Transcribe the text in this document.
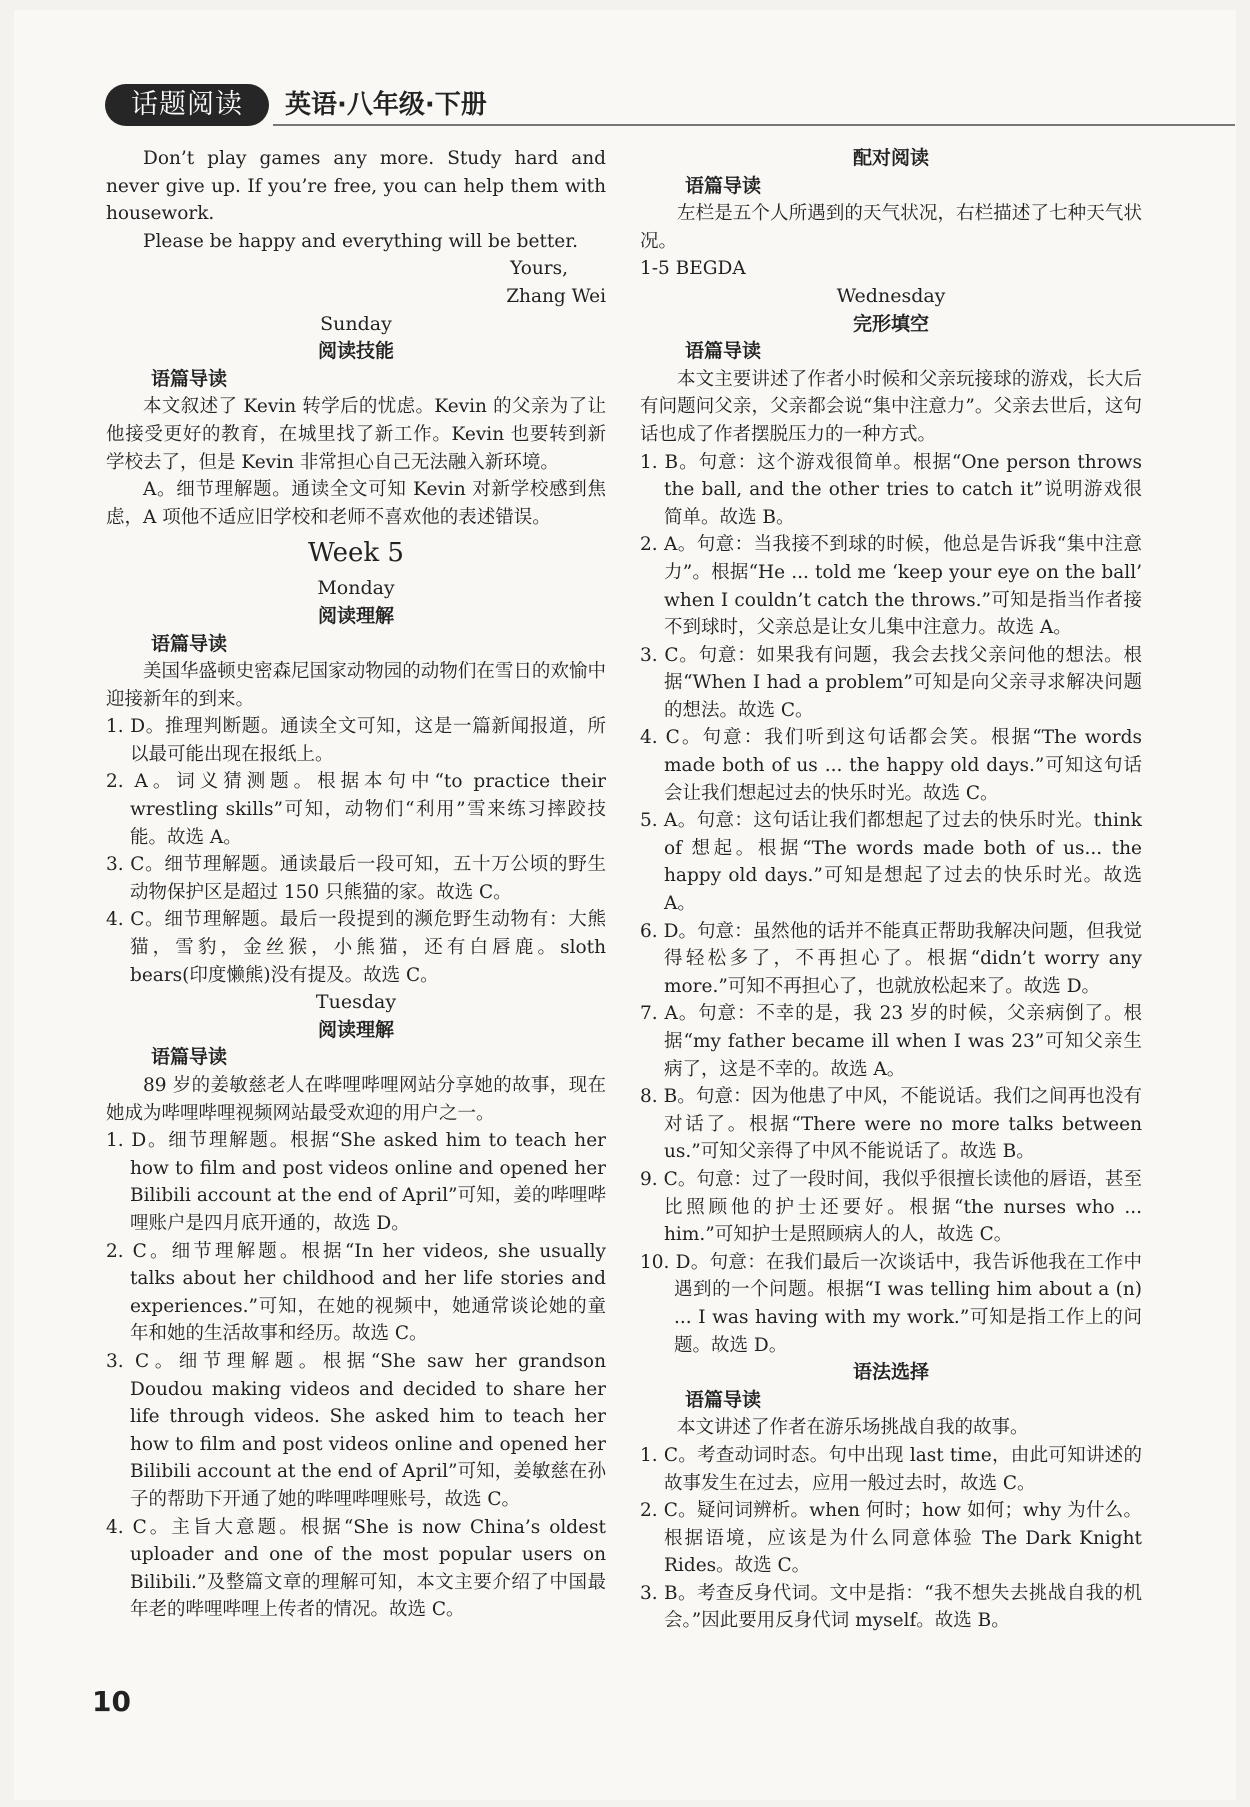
话题阅读	英语·八年级·下册

Don’t play games any more. Study hard and never give up. If you’re free, you can help them with housework.

Please be happy and everything will be better.

Yours,

Zhang Wei

Sunday

阅读技能

语篇导读

本文叙述了 Kevin 转学后的忧虑。Kevin 的父亲为了让他接受更好的教育，在城里找了新工作。Kevin 也要转到新学校去了，但是 Kevin 非常担心自己无法融入新环境。

A。细节理解题。通读全文可知 Kevin 对新学校感到焦虑，A 项他不适应旧学校和老师不喜欢他的表述错误。

Week 5

Monday

阅读理解

语篇导读

美国华盛顿史密森尼国家动物园的动物们在雪日的欢愉中迎接新年的到来。

1. D。推理判断题。通读全文可知，这是一篇新闻报道，所以最可能出现在报纸上。

2. A。词义猜测题。根据本句中“to practice their wrestling skills”可知，动物们“利用”雪来练习摔跤技能。故选 A。

3. C。细节理解题。通读最后一段可知，五十万公顷的野生动物保护区是超过 150 只熊猫的家。故选 C。

4. C。细节理解题。最后一段提到的濒危野生动物有：大熊猫，雪豹，金丝猴，小熊猫，还有白唇鹿。sloth bears(印度懒熊)没有提及。故选 C。

Tuesday

阅读理解

语篇导读

89 岁的姜敏慈老人在哔哩哔哩网站分享她的故事，现在她成为哔哩哔哩视频网站最受欢迎的用户之一。

1. D。细节理解题。根据“She asked him to teach her how to film and post videos online and opened her Bilibili account at the end of April”可知，姜的哔哩哔哩账户是四月底开通的，故选 D。

2. C。细节理解题。根据“In her videos, she usually talks about her childhood and her life stories and experiences.”可知，在她的视频中，她通常谈论她的童年和她的生活故事和经历。故选 C。

3. C。细节理解题。根据“She saw her grandson Doudou making videos and decided to share her life through videos. She asked him to teach her how to film and post videos online and opened her Bilibili account at the end of April”可知，姜敏慈在孙子的帮助下开通了她的哔哩哔哩账号，故选 C。

4. C。主旨大意题。根据“She is now China’s oldest uploader and one of the most popular users on Bilibili.”及整篇文章的理解可知，本文主要介绍了中国最年老的哔哩哔哩上传者的情况。故选 C。

配对阅读

语篇导读

左栏是五个人所遇到的天气状况，右栏描述了七种天气状况。

1-5 BEGDA

Wednesday

完形填空

语篇导读

本文主要讲述了作者小时候和父亲玩接球的游戏，长大后有问题问父亲，父亲都会说“集中注意力”。父亲去世后，这句话也成了作者摆脱压力的一种方式。

1. B。句意：这个游戏很简单。根据“One person throws the ball, and the other tries to catch it”说明游戏很简单。故选 B。

2. A。句意：当我接不到球的时候，他总是告诉我“集中注意力”。根据“He ... told me ‘keep your eye on the ball’ when I couldn’t catch the throws.”可知是指当作者接不到球时，父亲总是让女儿集中注意力。故选 A。

3. C。句意：如果我有问题，我会去找父亲问他的想法。根据“When I had a problem”可知是向父亲寻求解决问题的想法。故选 C。

4. C。句意：我们听到这句话都会笑。根据“The words made both of us ... the happy old days.”可知这句话会让我们想起过去的快乐时光。故选 C。

5. A。句意：这句话让我们都想起了过去的快乐时光。think of 想起。根据“The words made both of us... the happy old days.”可知是想起了过去的快乐时光。故选 A。

6. D。句意：虽然他的话并不能真正帮助我解决问题，但我觉得轻松多了，不再担心了。根据“didn’t worry any more.”可知不再担心了，也就放松起来了。故选 D。

7. A。句意：不幸的是，我 23 岁的时候，父亲病倒了。根据“my father became ill when I was 23”可知父亲生病了，这是不幸的。故选 A。

8. B。句意：因为他患了中风，不能说话。我们之间再也没有对话了。根据“There were no more talks between us.”可知父亲得了中风不能说话了。故选 B。

9. C。句意：过了一段时间，我似乎很擅长读他的唇语，甚至比照顾他的护士还要好。根据“the nurses who ... him.”可知护士是照顾病人的人，故选 C。

10. D。句意：在我们最后一次谈话中，我告诉他我在工作中遇到的一个问题。根据“I was telling him about a (n) ... I was having with my work.”可知是指工作上的问题。故选 D。

语法选择

语篇导读

本文讲述了作者在游乐场挑战自我的故事。

1. C。考查动词时态。句中出现 last time，由此可知讲述的故事发生在过去，应用一般过去时，故选 C。

2. C。疑问词辨析。when 何时；how 如何；why 为什么。根据语境，应该是为什么同意体验 The Dark Knight Rides。故选 C。

3. B。考查反身代词。文中是指：“我不想失去挑战自我的机会。”因此要用反身代词 myself。故选 B。

10
